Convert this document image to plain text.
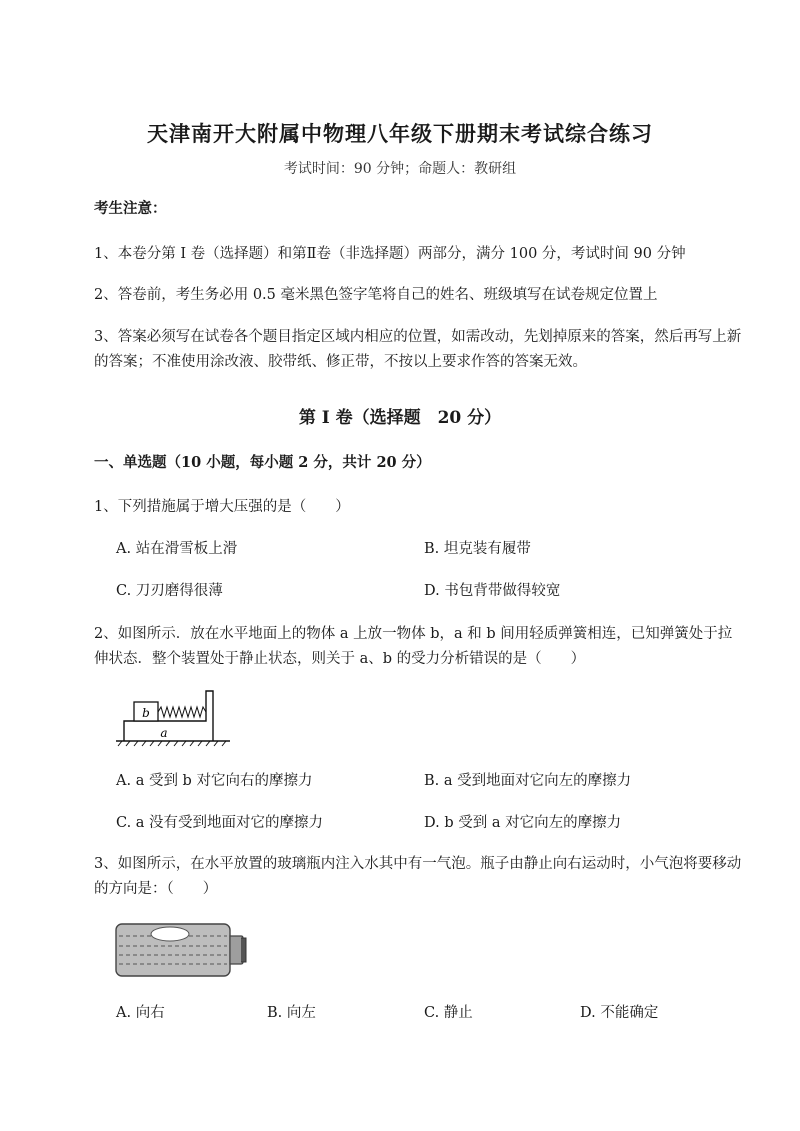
天津南开大附属中物理八年级下册期末考试综合练习
考试时间：90 分钟；命题人：教研组
考生注意：
1、本卷分第 I 卷（选择题）和第Ⅱ卷（非选择题）两部分，满分 100 分，考试时间 90 分钟
2、答卷前，考生务必用 0.5 毫米黑色签字笔将自己的姓名、班级填写在试卷规定位置上
3、答案必须写在试卷各个题目指定区域内相应的位置，如需改动，先划掉原来的答案，然后再写上新的答案；不准使用涂改液、胶带纸、修正带，不按以上要求作答的答案无效。
第 I 卷（选择题　20 分）
一、单选题（10 小题，每小题 2 分，共计 20 分）
1、下列措施属于增大压强的是（　　）
A. 站在滑雪板上滑	B. 坦克装有履带
C. 刀刃磨得很薄	D. 书包背带做得较宽
2、如图所示．放在水平地面上的物体 a 上放一物体 b，a 和 b 间用轻质弹簧相连，已知弹簧处于拉伸状态．整个装置处于静止状态，则关于 a、b 的受力分析错误的是（　　）
b
a
A. a 受到 b 对它向右的摩擦力	B. a 受到地面对它向左的摩擦力
C. a 没有受到地面对它的摩擦力	D. b 受到 a 对它向左的摩擦力
3、如图所示，在水平放置的玻璃瓶内注入水其中有一气泡。瓶子由静止向右运动时，小气泡将要移动的方向是：（　　）
A. 向右	B. 向左	C. 静止	D. 不能确定
